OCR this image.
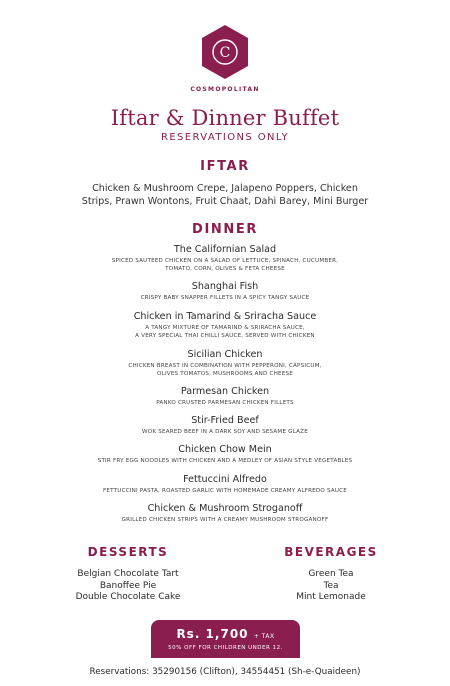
C
COSMOPOLITAN
Iftar & Dinner Buffet
RESERVATIONS ONLY
IFTAR
Chicken & Mushroom Crepe, Jalapeno Poppers, Chicken
Strips, Prawn Wontons, Fruit Chaat, Dahi Barey, Mini Burger
DINNER
The Californian Salad
SPICED SAUTEED CHICKEN ON A SALAD OF LETTUCE, SPINACH, CUCUMBER,
TOMATO, CORN, OLIVES & FETA CHEESE
Shanghai Fish
CRISPY BABY SNAPPER FILLETS IN A SPICY TANGY SAUCE
Chicken in Tamarind & Sriracha Sauce
A TANGY MIXTURE OF TAMARIND & SRIRACHA SAUCE,
A VERY SPECIAL THAI CHILLI SAUCE, SERVED WITH CHICKEN
Sicilian Chicken
CHICKEN BREAST IN COMBINATION WITH PEPPERONI, CAPSICUM,
OLIVES TOMATOS, MUSHROOMS AND CHEESE
Parmesan Chicken
PANKO CRUSTED PARMESAN CHICKEN FILLETS
Stir-Fried Beef
WOK SEARED BEEF IN A DARK SOY AND SESAME GLAZE
Chicken Chow Mein
STIR FRY EGG NOODLES WITH CHICKEN AND A MEDLEY OF ASIAN STYLE VEGETABLES
Fettuccini Alfredo
FETTUCCINI PASTA, ROASTED GARLIC WITH HOMEMADE CREAMY ALFREDO SAUCE
Chicken & Mushroom Stroganoff
GRILLED CHICKEN STRIPS WITH A CREAMY MUSHROOM STROGANOFF
DESSERTS
Belgian Chocolate Tart
Banoffee Pie
Double Chocolate Cake
BEVERAGES
Green Tea
Tea
Mint Lemonade
Rs. 1,700 + TAX
50% OFF FOR CHILDREN UNDER 12.
Reservations: 35290156 (Clifton), 34554451 (Sh-e-Quaideen)
